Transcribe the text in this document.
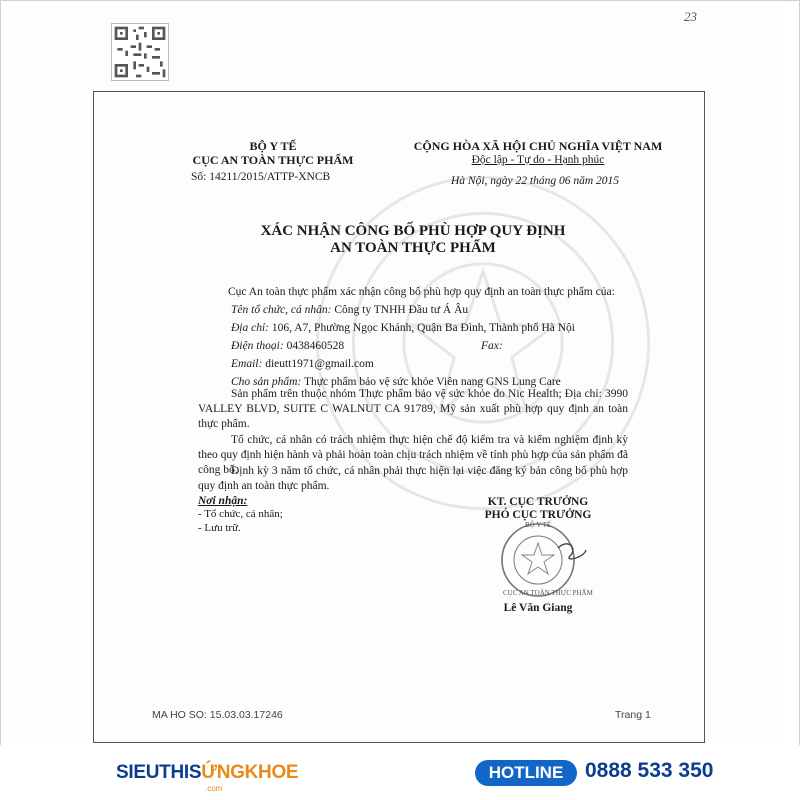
23
BỘ Y TẾ
CỤC AN TOÀN THỰC PHẨM
Số: 14211/2015/ATTP-XNCB
CỘNG HÒA XÃ HỘI CHỦ NGHĨA VIỆT NAM
Độc lập - Tự do - Hạnh phúc
Hà Nội, ngày 22 tháng 06 năm 2015
XÁC NHẬN CÔNG BỐ PHÙ HỢP QUY ĐỊNH
AN TOÀN THỰC PHẨM
Cục An toàn thực phẩm xác nhận công bố phù hợp quy định an toàn thực phẩm của:
Tên tổ chức, cá nhân: Công ty TNHH Đầu tư Á Âu
Địa chỉ: 106, A7, Phường Ngọc Khánh, Quận Ba Đình, Thành phố Hà Nội
Điện thoại: 0438460528	Fax:
Email: dieutt1971@gmail.com
Cho sản phẩm: Thực phẩm bảo vệ sức khỏe Viên nang GNS Lung Care
Sản phẩm trên thuộc nhóm Thực phẩm bảo vệ sức khỏe do Nic Health; Địa chỉ: 3990 VALLEY BLVD, SUITE C WALNUT CA 91789, Mỹ sản xuất phù hợp quy định an toàn thực phẩm.
Tổ chức, cá nhân có trách nhiệm thực hiện chế độ kiểm tra và kiểm nghiệm định kỳ theo quy định hiện hành và phải hoàn toàn chịu trách nhiệm về tính phù hợp của sản phẩm đã công bố.
Định kỳ 3 năm tổ chức, cá nhân phải thực hiện lại việc đăng ký bản công bố phù hợp quy định an toàn thực phẩm.
Nơi nhận:
- Tổ chức, cá nhân;
- Lưu trữ.
KT. CỤC TRƯỞNG
PHÓ CỤC TRƯỞNG
BỘ Y TẾ
CỤC AN TOÀN THỰC PHẨM
Lê Văn Giang
MA HO SO: 15.03.03.17246	Trang 1
SIEUTHISỨNGKHOE
.com
HOTLINE	0888 533 350
